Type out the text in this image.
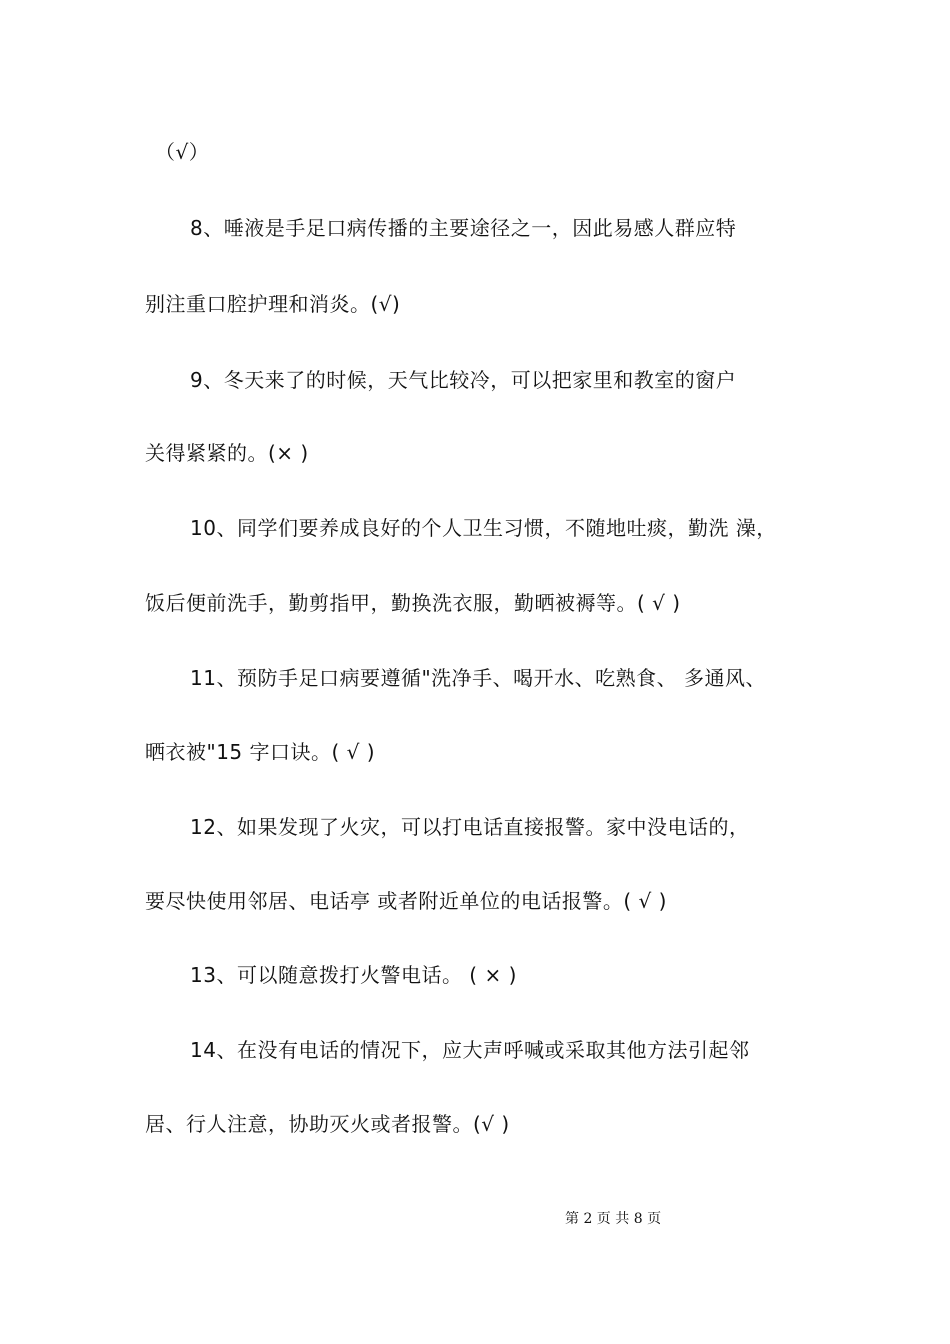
（√）

8、唾液是手足口病传播的主要途径之一，因此易感人群应特

别注重口腔护理和消炎。(√)

9、冬天来了的时候，天气比较冷，可以把家里和教室的窗户

关得紧紧的。(× )

10、同学们要养成良好的个人卫生习惯，不随地吐痰，勤洗 澡，

饭后便前洗手，勤剪指甲，勤换洗衣服，勤晒被褥等。( √ )

11、预防手足口病要遵循"洗净手、喝开水、吃熟食、 多通风、

晒衣被"15 字口诀。( √ )

12、如果发现了火灾，可以打电话直接报警。家中没电话的，

要尽快使用邻居、电话亭 或者附近单位的电话报警。( √ )

13、可以随意拨打火警电话。 ( × )

14、在没有电话的情况下，应大声呼喊或采取其他方法引起邻

居、行人注意，协助灭火或者报警。(√ )

第 2 页 共 8 页
